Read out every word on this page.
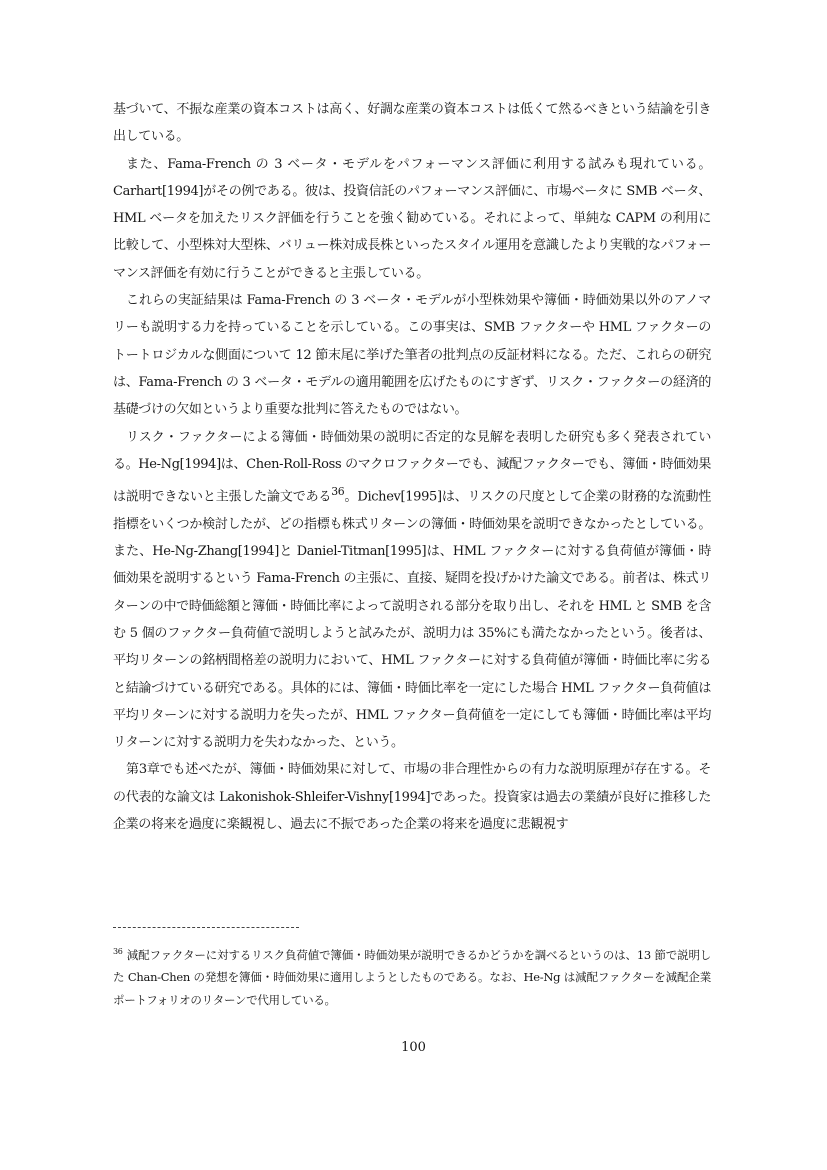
基づいて、不振な産業の資本コストは高く、好調な産業の資本コストは低くて然るべきという結論を引き出している。

また、Fama-French の 3 ベータ・モデルをパフォーマンス評価に利用する試みも現れている。Carhart[1994]がその例である。彼は、投資信託のパフォーマンス評価に、市場ベータに SMB ベータ、HML ベータを加えたリスク評価を行うことを強く勧めている。それによって、単純な CAPM の利用に比較して、小型株対大型株、バリュー株対成長株といったスタイル運用を意識したより実戦的なパフォーマンス評価を有効に行うことができると主張している。

これらの実証結果は Fama-French の 3 ベータ・モデルが小型株効果や簿価・時価効果以外のアノマリーも説明する力を持っていることを示している。この事実は、SMB ファクターや HML ファクターのトートロジカルな側面について 12 節末尾に挙げた筆者の批判点の反証材料になる。ただ、これらの研究は、Fama-French の 3 ベータ・モデルの適用範囲を広げたものにすぎず、リスク・ファクターの経済的基礎づけの欠如というより重要な批判に答えたものではない。

リスク・ファクターによる簿価・時価効果の説明に否定的な見解を表明した研究も多く発表されている。He-Ng[1994]は、Chen-Roll-Ross のマクロファクターでも、減配ファクターでも、簿価・時価効果は説明できないと主張した論文である$^{36}$。Dichev[1995]は、リスクの尺度として企業の財務的な流動性指標をいくつか検討したが、どの指標も株式リターンの簿価・時価効果を説明できなかったとしている。また、He-Ng-Zhang[1994]と Daniel-Titman[1995]は、HML ファクターに対する負荷値が簿価・時価効果を説明するという Fama-French の主張に、直接、疑問を投げかけた論文である。前者は、株式リターンの中で時価総額と簿価・時価比率によって説明される部分を取り出し、それを HML と SMB を含む 5 個のファクター負荷値で説明しようと試みたが、説明力は 35%にも満たなかったという。後者は、平均リターンの銘柄間格差の説明力において、HML ファクターに対する負荷値が簿価・時価比率に劣ると結論づけている研究である。具体的には、簿価・時価比率を一定にした場合 HML ファクター負荷値は平均リターンに対する説明力を失ったが、HML ファクター負荷値を一定にしても簿価・時価比率は平均リターンに対する説明力を失わなかった、という。

第3章でも述べたが、簿価・時価効果に対して、市場の非合理性からの有力な説明原理が存在する。その代表的な論文は Lakonishok-Shleifer-Vishny[1994]であった。投資家は過去の業績が良好に推移した企業の将来を過度に楽観視し、過去に不振であった企業の将来を過度に悲観視す

$^{36}$ 減配ファクターに対するリスク負荷値で簿価・時価効果が説明できるかどうかを調べるというのは、13 節で説明した Chan-Chen の発想を簿価・時価効果に適用しようとしたものである。なお、He-Ng は減配ファクターを減配企業ポートフォリオのリターンで代用している。
100
